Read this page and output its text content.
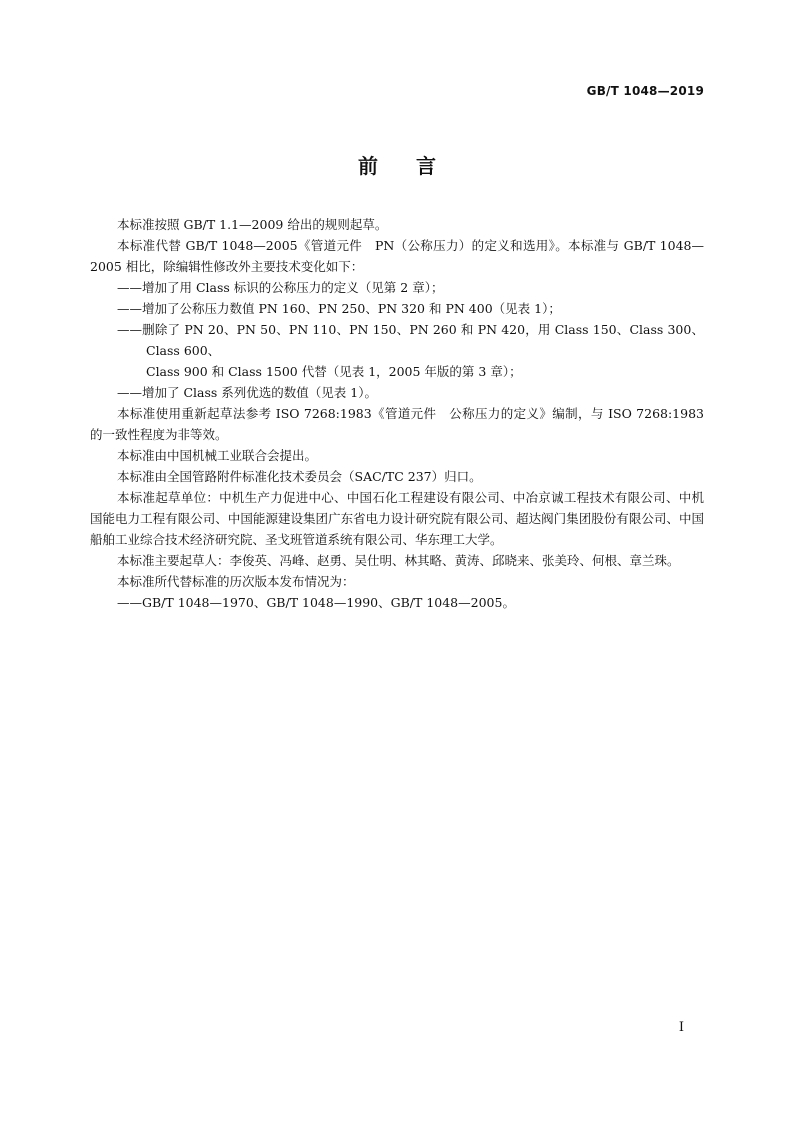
GB/T 1048—2019
前言

本标准按照 GB/T 1.1—2009 给出的规则起草。

本标准代替 GB/T 1048—2005《管道元件　PN（公称压力）的定义和选用》。本标准与 GB/T 1048—2005 相比，除编辑性修改外主要技术变化如下：

——增加了用 Class 标识的公称压力的定义（见第 2 章）；

——增加了公称压力数值 PN 160、PN 250、PN 320 和 PN 400（见表 1）；

——删除了 PN 20、PN 50、PN 110、PN 150、PN 260 和 PN 420，用 Class 150、Class 300、Class 600、

Class 900 和 Class 1500 代替（见表 1，2005 年版的第 3 章）；

——增加了 Class 系列优选的数值（见表 1）。

本标准使用重新起草法参考 ISO 7268:1983《管道元件　公称压力的定义》编制，与 ISO 7268:1983 的一致性程度为非等效。

本标准由中国机械工业联合会提出。

本标准由全国管路附件标准化技术委员会（SAC/TC 237）归口。

本标准起草单位：中机生产力促进中心、中国石化工程建设有限公司、中冶京诚工程技术有限公司、中机国能电力工程有限公司、中国能源建设集团广东省电力设计研究院有限公司、超达阀门集团股份有限公司、中国船舶工业综合技术经济研究院、圣戈班管道系统有限公司、华东理工大学。

本标准主要起草人：李俊英、冯峰、赵勇、吴仕明、林其略、黄涛、邱晓来、张美玲、何根、章兰珠。

本标准所代替标准的历次版本发布情况为：

——GB/T 1048—1970、GB/T 1048—1990、GB/T 1048—2005。

I
